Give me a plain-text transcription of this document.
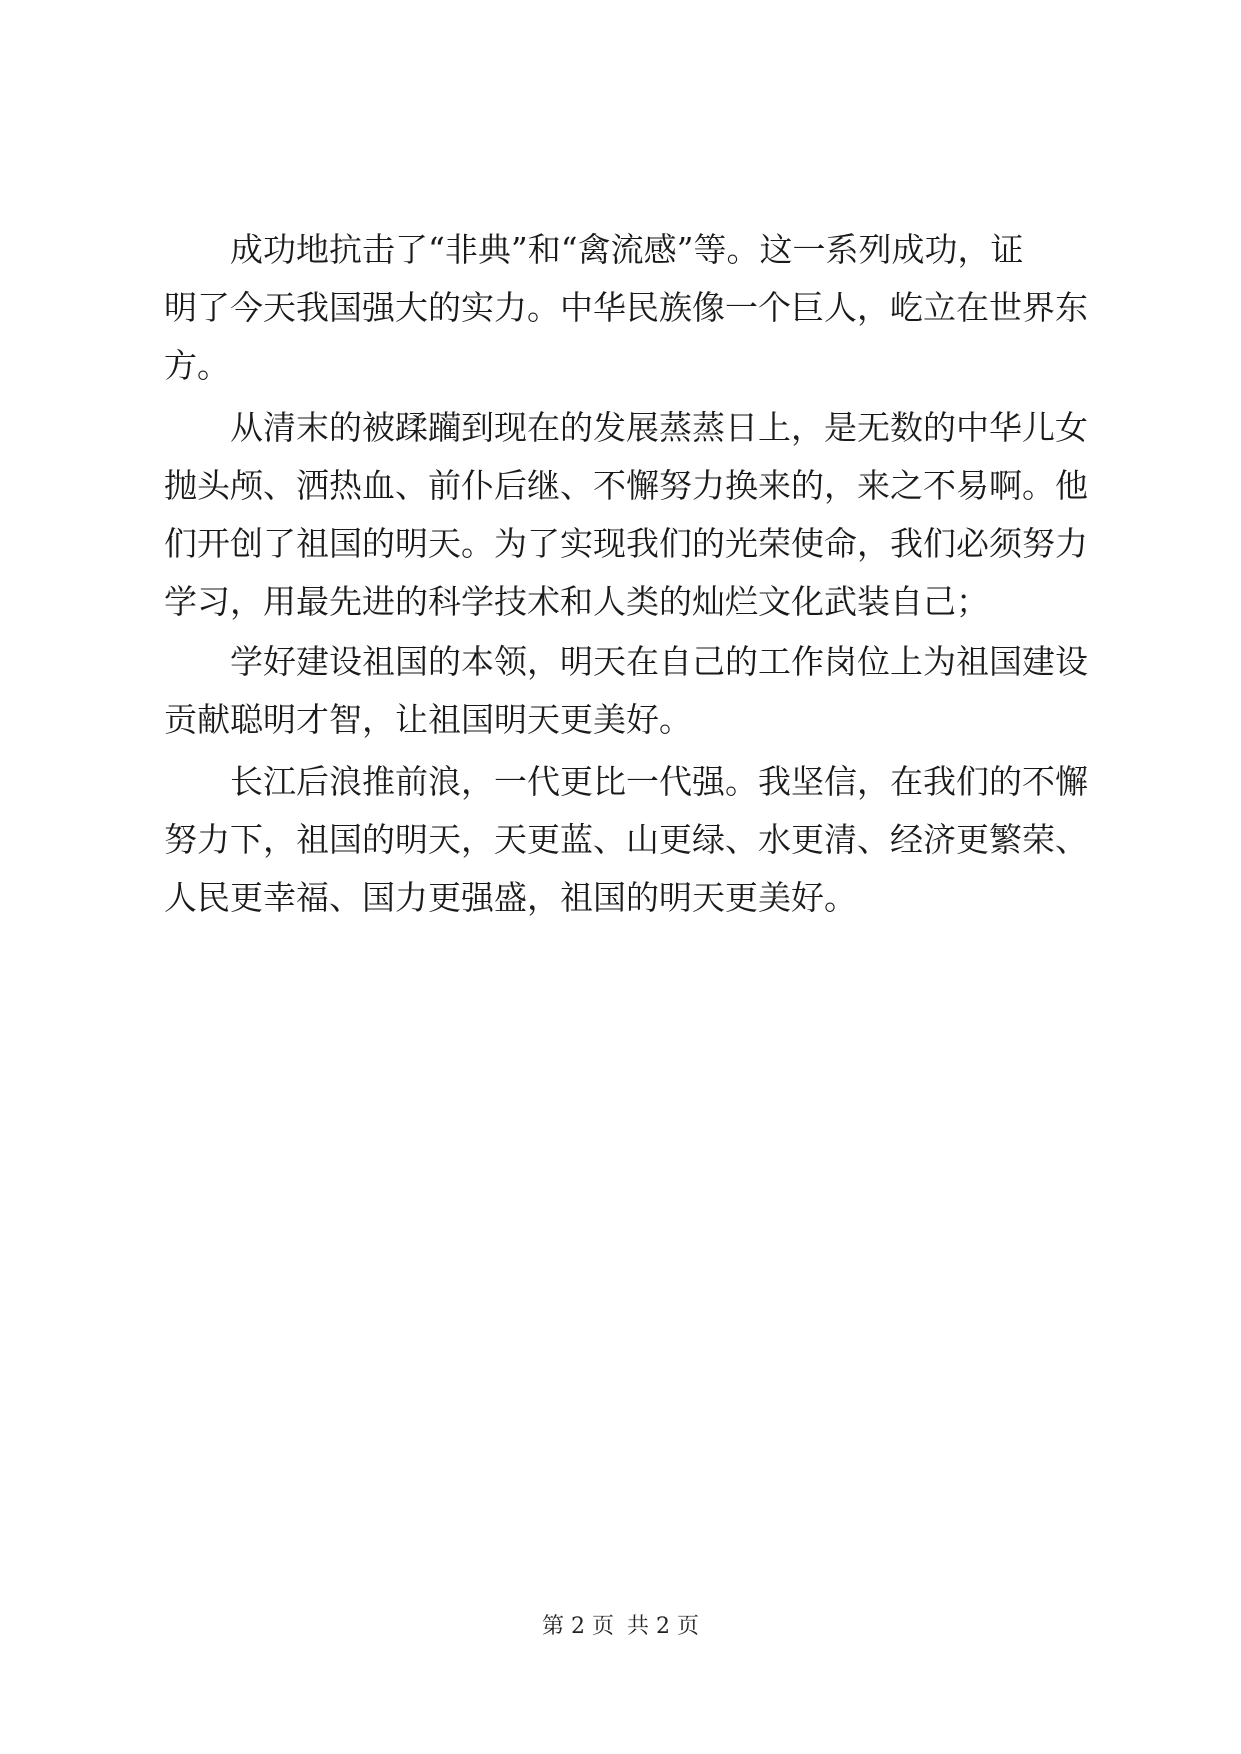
　　成功地抗击了“非典”和“禽流感”等。这一系列成功，证
明了今天我国强大的实力。中华民族像一个巨人，屹立在世界东
方。
　　从清末的被蹂躏到现在的发展蒸蒸日上，是无数的中华儿女
抛头颅、洒热血、前仆后继、不懈努力换来的，来之不易啊。他
们开创了祖国的明天。为了实现我们的光荣使命，我们必须努力
学习，用最先进的科学技术和人类的灿烂文化武装自己；
　　学好建设祖国的本领，明天在自己的工作岗位上为祖国建设
贡献聪明才智，让祖国明天更美好。
　　长江后浪推前浪，一代更比一代强。我坚信，在我们的不懈
努力下，祖国的明天，天更蓝、山更绿、水更清、经济更繁荣、
人民更幸福、国力更强盛，祖国的明天更美好。
第 2 页 共 2 页
